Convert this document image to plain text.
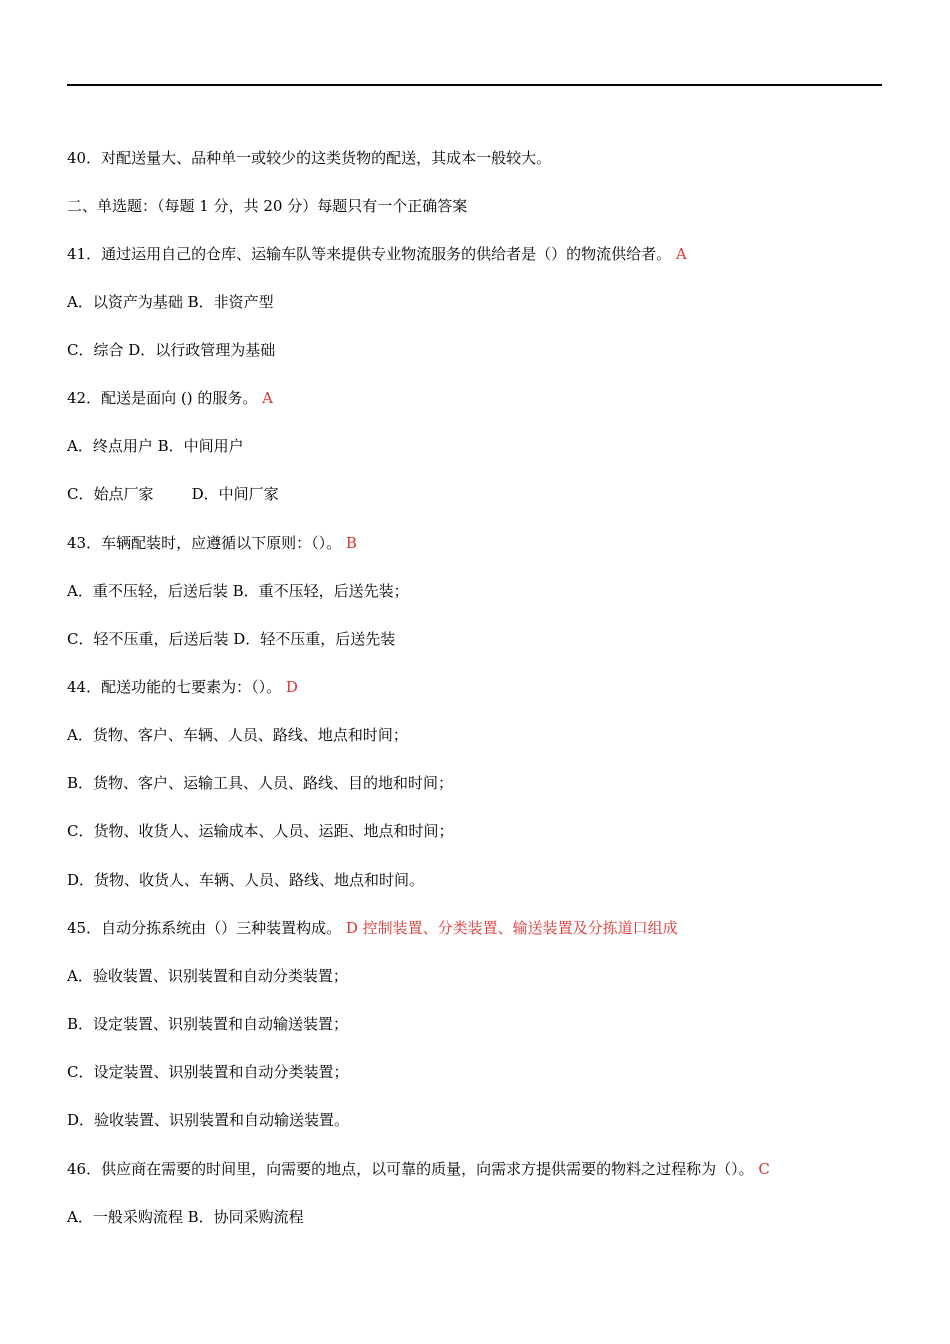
40．对配送量大、品种单一或较少的这类货物的配送，其成本一般较大。
二、单选题：（每题 1 分，共 20 分）每题只有一个正确答案
41．通过运用自己的仓库、运输车队等来提供专业物流服务的供给者是（）的物流供给者。 A
A．以资产为基础 B．非资产型
C．综合 D．以行政管理为基础
42．配送是面向 () 的服务。 A
A．终点用户 B．中间用户
C．始点厂家        D．中间厂家
43．车辆配装时，应遵循以下原则：（）。 B
A．重不压轻，后送后装 B．重不压轻，后送先装；
C．轻不压重，后送后装 D．轻不压重，后送先装
44．配送功能的七要素为：（）。 D
A．货物、客户、车辆、人员、路线、地点和时间；
B．货物、客户、运输工具、人员、路线、目的地和时间；
C．货物、收货人、运输成本、人员、运距、地点和时间；
D．货物、收货人、车辆、人员、路线、地点和时间。
45．自动分拣系统由（）三种装置构成。 D 控制装置、分类装置、输送装置及分拣道口组成
A．验收装置、识别装置和自动分类装置；
B．设定装置、识别装置和自动输送装置；
C．设定装置、识别装置和自动分类装置；
D．验收装置、识别装置和自动输送装置。
46．供应商在需要的时间里，向需要的地点，以可靠的质量，向需求方提供需要的物料之过程称为（）。 C
A．一般采购流程 B．协同采购流程
